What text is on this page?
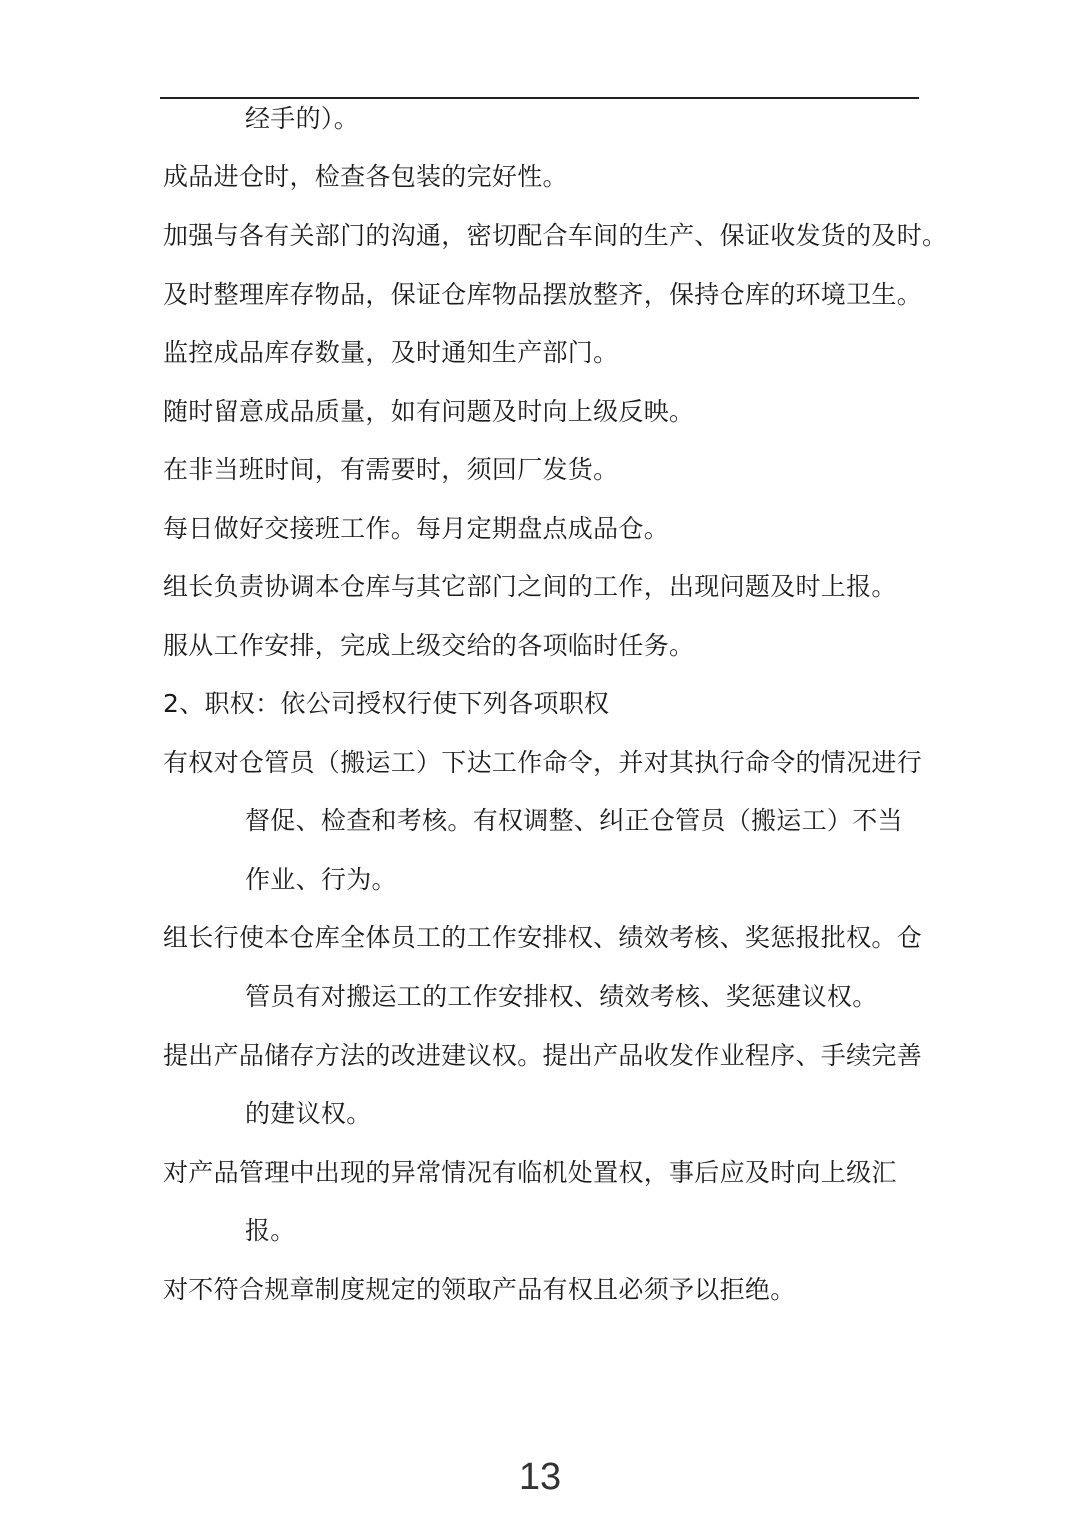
经手的）。
成品进仓时，检查各包装的完好性。
加强与各有关部门的沟通，密切配合车间的生产、保证收发货的及时。
及时整理库存物品，保证仓库物品摆放整齐，保持仓库的环境卫生。
监控成品库存数量，及时通知生产部门。
随时留意成品质量，如有问题及时向上级反映。
在非当班时间，有需要时，须回厂发货。
每日做好交接班工作。每月定期盘点成品仓。
组长负责协调本仓库与其它部门之间的工作，出现问题及时上报。
服从工作安排，完成上级交给的各项临时任务。
2、职权：依公司授权行使下列各项职权
有权对仓管员（搬运工）下达工作命令，并对其执行命令的情况进行
督促、检查和考核。有权调整、纠正仓管员（搬运工）不当
作业、行为。
组长行使本仓库全体员工的工作安排权、绩效考核、奖惩报批权。仓
管员有对搬运工的工作安排权、绩效考核、奖惩建议权。
提出产品储存方法的改进建议权。提出产品收发作业程序、手续完善
的建议权。
对产品管理中出现的异常情况有临机处置权，事后应及时向上级汇
报。
对不符合规章制度规定的领取产品有权且必须予以拒绝。
13
